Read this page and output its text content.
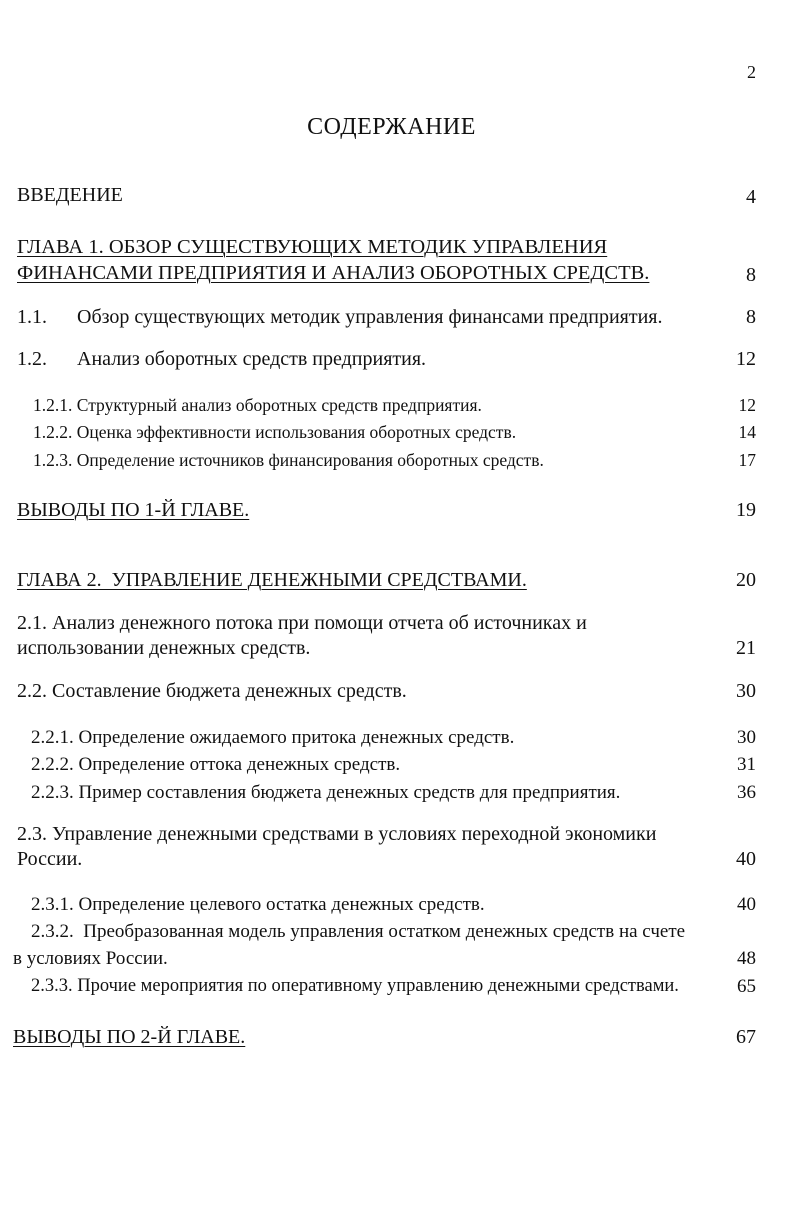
2
СОДЕРЖАНИЕ
ВВЕДЕНИЕ	4
ГЛАВА 1. ОБЗОР СУЩЕСТВУЮЩИХ МЕТОДИК УПРАВЛЕНИЯ
ФИНАНСАМИ ПРЕДПРИЯТИЯ И АНАЛИЗ ОБОРОТНЫХ СРЕДСТВ.	8
1.1. Обзор существующих методик управления финансами предприятия.	8
1.2. Анализ оборотных средств предприятия.	12
1.2.1. Структурный анализ оборотных средств предприятия.	12
1.2.2. Оценка эффективности использования оборотных средств.	14
1.2.3. Определение источников финансирования оборотных средств.	17
ВЫВОДЫ ПО 1-Й ГЛАВЕ.	19
ГЛАВА 2.  УПРАВЛЕНИЕ ДЕНЕЖНЫМИ СРЕДСТВАМИ.	20
2.1. Анализ денежного потока при помощи отчета об источниках и
использовании денежных средств.	21
2.2. Составление бюджета денежных средств.	30
2.2.1. Определение ожидаемого притока денежных средств.	30
2.2.2. Определение оттока денежных средств.	31
2.2.3. Пример составления бюджета денежных средств для предприятия.	36
2.3. Управление денежными средствами в условиях переходной экономики
России.	40
2.3.1. Определение целевого остатка денежных средств.	40
2.3.2.  Преобразованная модель управления остатком денежных средств на счете
в условиях России.	48
2.3.3. Прочие мероприятия по оперативному управлению денежными средствами.	65
ВЫВОДЫ ПО 2-Й ГЛАВЕ.	67
